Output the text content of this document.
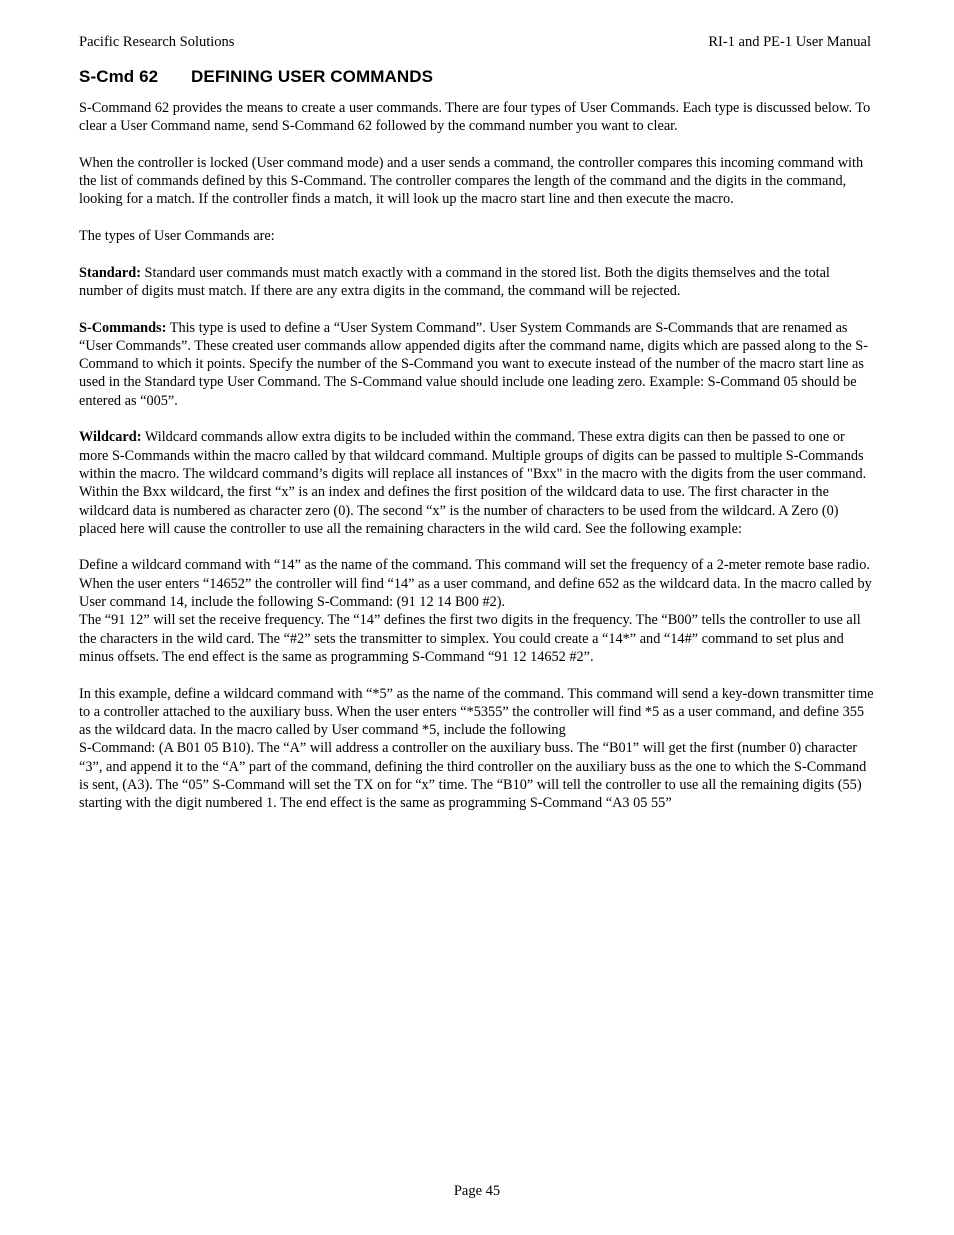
Pacific Research Solutions	RI-1 and PE-1 User Manual
S-Cmd 62 DEFINING USER COMMANDS

S-Command 62 provides the means to create a user commands. There are four types of User Commands. Each type is discussed below. To clear a User Command name, send S-Command 62 followed by the command number you want to clear.

When the controller is locked (User command mode) and a user sends a command, the controller compares this incoming command with the list of commands defined by this S-Command. The controller compares the length of the command and the digits in the command, looking for a match. If the controller finds a match, it will look up the macro start line and then execute the macro.

The types of User Commands are:

Standard: Standard user commands must match exactly with a command in the stored list. Both the digits themselves and the total number of digits must match. If there are any extra digits in the command, the command will be rejected.

S-Commands: This type is used to define a “User System Command”. User System Commands are S-Commands that are renamed as “User Commands”. These created user commands allow appended digits after the command name, digits which are passed along to the S-Command to which it points. Specify the number of the S-Command you want to execute instead of the number of the macro start line as used in the Standard type User Command. The S-Command value should include one leading zero. Example: S-Command 05 should be entered as “005”.

Wildcard: Wildcard commands allow extra digits to be included within the command. These extra digits can then be passed to one or more S-Commands within the macro called by that wildcard command. Multiple groups of digits can be passed to multiple S-Commands within the macro. The wildcard command’s digits will replace all instances of "Bxx" in the macro with the digits from the user command. Within the Bxx wildcard, the first “x” is an index and defines the first position of the wildcard data to use. The first character in the wildcard data is numbered as character zero (0). The second “x” is the number of characters to be used from the wildcard. A Zero (0) placed here will cause the controller to use all the remaining characters in the wild card. See the following example:

Define a wildcard command with “14” as the name of the command. This command will set the frequency of a 2-meter remote base radio. When the user enters “14652” the controller will find “14” as a user command, and define 652 as the wildcard data. In the macro called by User command 14, include the following S-Command: (91 12 14 B00 #2).

The “91 12” will set the receive frequency. The “14” defines the first two digits in the frequency. The “B00” tells the controller to use all the characters in the wild card. The “#2” sets the transmitter to simplex. You could create a “14*” and “14#” command to set plus and minus offsets. The end effect is the same as programming S-Command “91 12 14652 #2”.

In this example, define a wildcard command with “*5” as the name of the command. This command will send a key-down transmitter time to a controller attached to the auxiliary buss. When the user enters “*5355” the controller will find *5 as a user command, and define 355 as the wildcard data. In the macro called by User command *5, include the following

S-Command: (A B01 05 B10). The “A” will address a controller on the auxiliary buss. The “B01” will get the first (number 0) character “3”, and append it to the “A” part of the command, defining the third controller on the auxiliary buss as the one to which the S-Command is sent, (A3). The “05” S-Command will set the TX on for “x” time. The “B10” will tell the controller to use all the remaining digits (55) starting with the digit numbered 1. The end effect is the same as programming S-Command “A3 05 55”

Page 45
